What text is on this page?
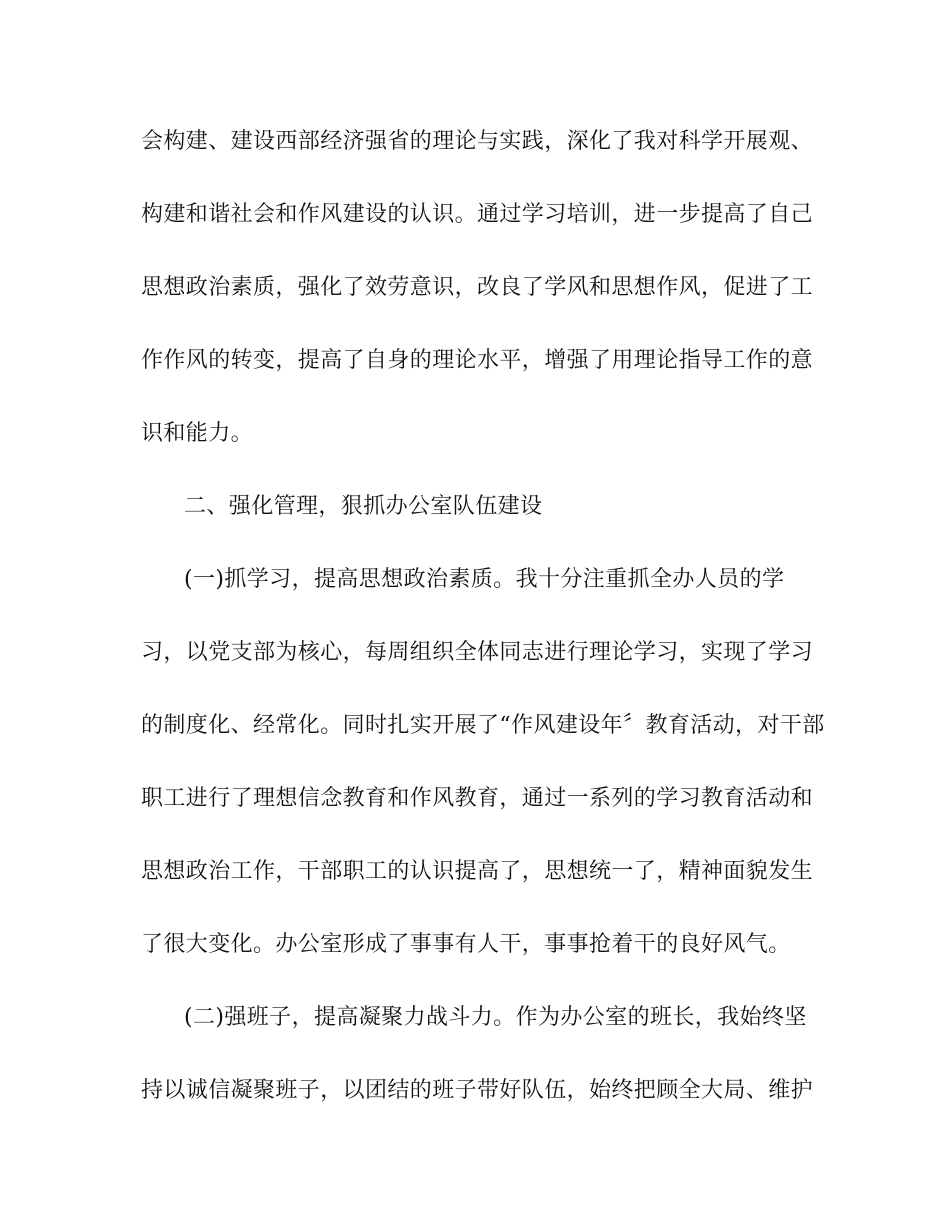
会构建、建设西部经济强省的理论与实践，深化了我对科学开展观、
构建和谐社会和作风建设的认识。通过学习培训，进一步提高了自己
思想政治素质，强化了效劳意识，改良了学风和思想作风，促进了工
作作风的转变，提高了自身的理论水平，增强了用理论指导工作的意
识和能力。
二、强化管理，狠抓办公室队伍建设
(一)抓学习，提高思想政治素质。我十分注重抓全办人员的学
习，以党支部为核心，每周组织全体同志进行理论学习，实现了学习
的制度化、经常化。同时扎实开展了“作风建设年〞教育活动，对干部
职工进行了理想信念教育和作风教育，通过一系列的学习教育活动和
思想政治工作，干部职工的认识提高了，思想统一了，精神面貌发生
了很大变化。办公室形成了事事有人干，事事抢着干的良好风气。
(二)强班子，提高凝聚力战斗力。作为办公室的班长，我始终坚
持以诚信凝聚班子，以团结的班子带好队伍，始终把顾全大局、维护
